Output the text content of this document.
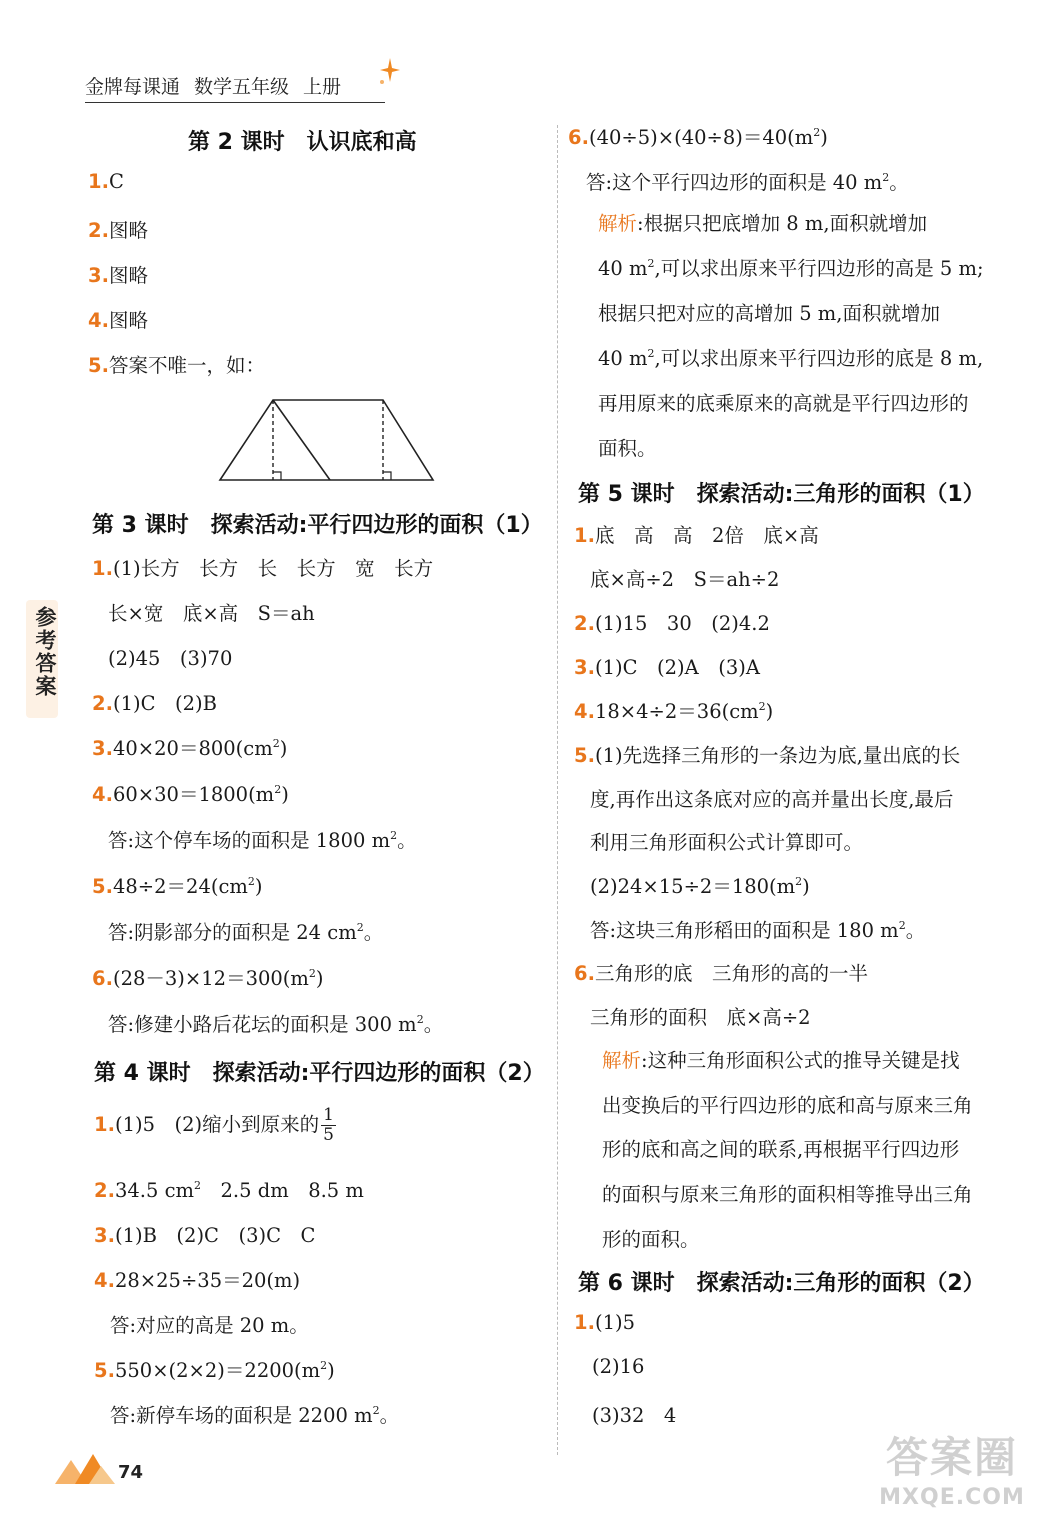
金牌每课通 数学五年级 上册
参考答案
第 2 课时　认识底和高
1.C
2.图略
3.图略
4.图略
5.答案不唯一，如：
第 3 课时　探索活动:平行四边形的面积（1）
1.(1)长方　长方　长　长方　宽　长方
长×宽　底×高　S＝ah
(2)45　(3)70
2.(1)C　(2)B
$3.40\times 20=800(cm^2)$
$4.60\times 30=1800(m^2)$
答:这个停车场的面积是 1800 $m^2$。
$5.48\div 2=24(cm^2)$
答:阴影部分的面积是 24 $cm^2$。
$6.(28-3)\times 12=300(m^2)$
答:修建小路后花坛的面积是 300 $m^2$。
第 4 课时　探索活动:平行四边形的面积（2）
1.(1)5　(2)缩小到原来的 $\frac{1}{5}$
2.34.5 $cm^2$　2.5 dm　8.5 m
3.(1)B　(2)C　(3)C　C
4.28×25÷35＝20(m)
答:对应的高是 20 m。
$5.550\times(2\times 2)=2200(m^2)$
答:新停车场的面积是 2200 $m^2$。
$6.(40\div 5)\times(40\div 8)=40(m^2)$
答:这个平行四边形的面积是 40 $m^2$。
解析:根据只把底增加 8 m,面积就增加
40 $m^2$,可以求出原来平行四边形的高是 5 m;
根据只把对应的高增加 5 m,面积就增加
40 $m^2$,可以求出原来平行四边形的底是 8 m,
再用原来的底乘原来的高就是平行四边形的
面积。
第 5 课时　探索活动:三角形的面积（1）
1.底　高　高　2倍　底×高
底×高÷2　S＝ah÷2
2.(1)15　30　(2)4.2
3.(1)C　(2)A　(3)A
$4.18\times 4\div 2=36(cm^2)$
5.(1)先选择三角形的一条边为底,量出底的长
度,再作出这条底对应的高并量出长度,最后
利用三角形面积公式计算即可。
$(2)24\times 15\div 2=180(m^2)$
答:这块三角形稻田的面积是 180 $m^2$。
6.三角形的底　三角形的高的一半
三角形的面积　底×高÷2
解析:这种三角形面积公式的推导关键是找
出变换后的平行四边形的底和高与原来三角
形的底和高之间的联系,再根据平行四边形
的面积与原来三角形的面积相等推导出三角
形的面积。
第 6 课时　探索活动:三角形的面积（2）
1.(1)5
(2)16
(3)32　4
74	答案圈
MXQE.COM
